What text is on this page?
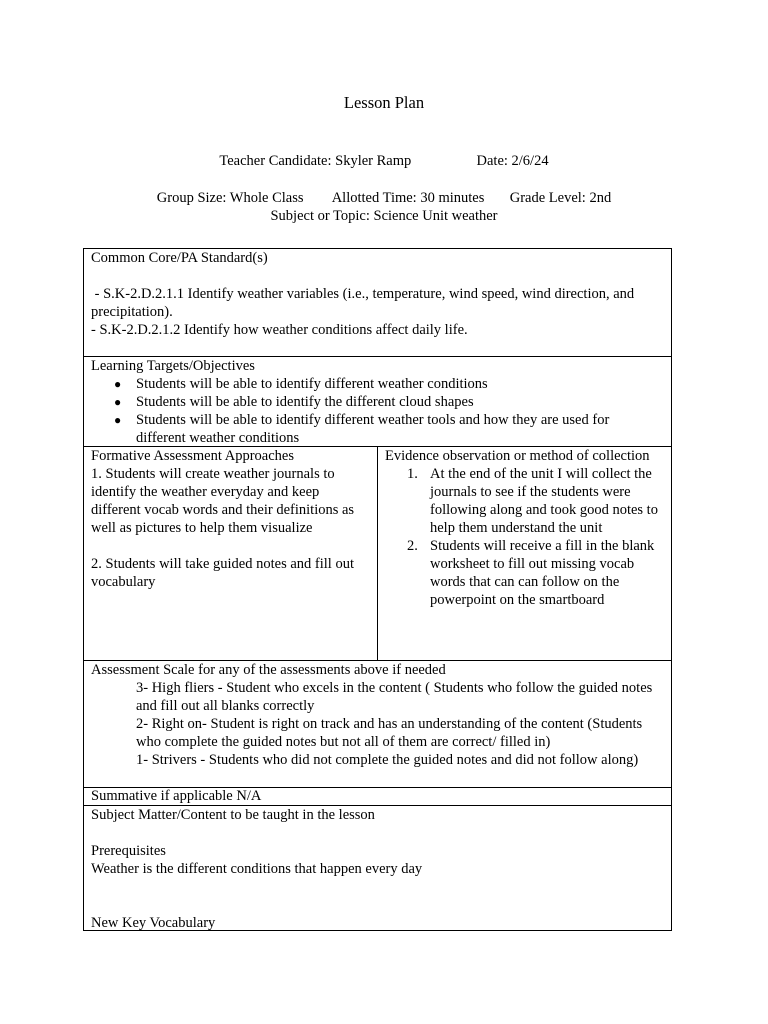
Lesson Plan
Teacher Candidate: Skyler Ramp                  Date: 2/6/24
Group Size: Whole Class        Allotted Time: 30 minutes       Grade Level: 2nd
Subject or Topic: Science Unit weather

Common Core/PA Standard(s)

- S.K-2.D.2.1.1 Identify weather variables (i.e., temperature, wind speed, wind direction, and precipitation).

- S.K-2.D.2.1.2 Identify how weather conditions affect daily life.

Learning Targets/Objectives

● Students will be able to identify different weather conditions
● Students will be able to identify the different cloud shapes
● Students will be able to identify different weather tools and how they are used for different weather conditions

Formative Assessment Approaches

1. Students will create weather journals to identify the weather everyday and keep different vocab words and their definitions as well as pictures to help them visualize

2. Students will take guided notes and fill out vocabulary

Evidence observation or method of collection

1. At the end of the unit I will collect the journals to see if the students were following along and took good notes to help them understand the unit
2. Students will receive a fill in the blank worksheet to fill out missing vocab words that can can follow on the powerpoint on the smartboard

Assessment Scale for any of the assessments above if needed

3- High fliers - Student who excels in the content ( Students who follow the guided notes and fill out all blanks correctly

2- Right on- Student is right on track and has an understanding of the content (Students who complete the guided notes but not all of them are correct/ filled in)

1- Strivers - Students who did not complete the guided notes and did not follow along)

Summative if applicable N/A

Subject Matter/Content to be taught in the lesson

Prerequisites

Weather is the different conditions that happen every day

New Key Vocabulary
